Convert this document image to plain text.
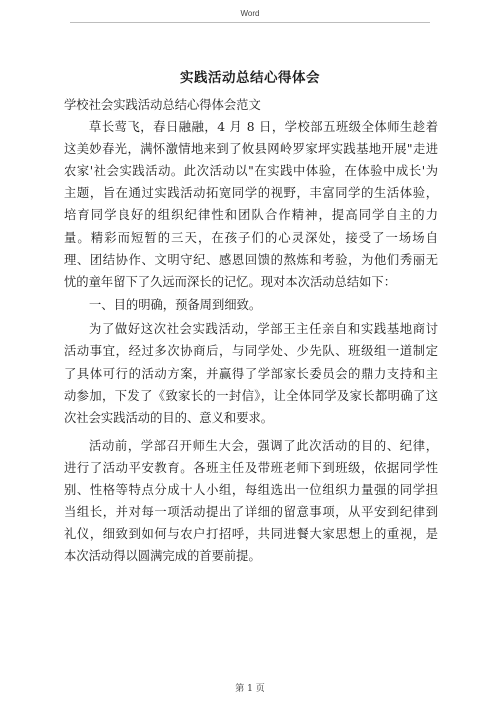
Word
实践活动总结心得体会
学校社会实践活动总结心得体会范文
草长莺飞，春日融融，4 月 8 日，学校部五班级全体师生趁着
这美妙春光，满怀激情地来到了攸县网岭罗家坪实践基地开展"走进
农家'社会实践活动。此次活动以"在实践中体验，在体验中成长'为
主题，旨在通过实践活动拓宽同学的视野，丰富同学的生活体验，
培育同学良好的组织纪律性和团队合作精神，提高同学自主的力
量。精彩而短暂的三天，在孩子们的心灵深处，接受了一场场自
理、团结协作、文明守纪、感恩回馈的熬炼和考验，为他们秀丽无
忧的童年留下了久远而深长的记忆。现对本次活动总结如下：
一、目的明确，预备周到细致。
为了做好这次社会实践活动，学部王主任亲自和实践基地商讨
活动事宜，经过多次协商后，与同学处、少先队、班级组一道制定
了具体可行的活动方案，并赢得了学部家长委员会的鼎力支持和主
动参加，下发了《致家长的一封信》，让全体同学及家长都明确了这
次社会实践活动的目的、意义和要求。
活动前，学部召开师生大会，强调了此次活动的目的、纪律，
进行了活动平安教育。各班主任及带班老师下到班级，依据同学性
别、性格等特点分成十人小组，每组选出一位组织力量强的同学担
当组长，并对每一项活动提出了详细的留意事项，从平安到纪律到
礼仪，细致到如何与农户打招呼，共同进餐大家思想上的重视，是
本次活动得以圆满完成的首要前提。
第 1 页
